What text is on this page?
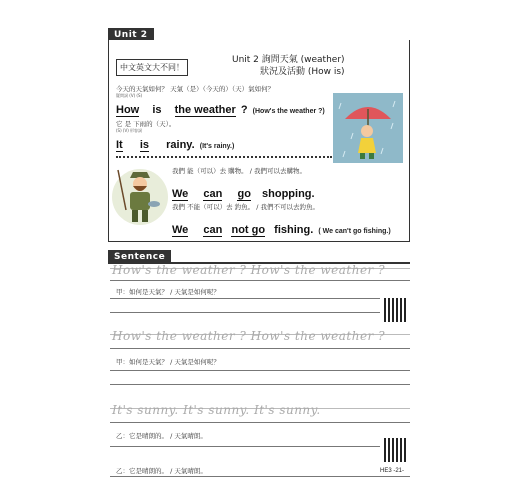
Unit 2
中文英文大不同！
Unit 2 詢問天氣 (weather)
狀況及活動 (How is)
今天的天氣如何？ 天氣（是）（今天的）（天）氣如何？
疑問詞 (V) (S)
How is the weather ? (How's the weather ?)
它 是 下雨的（天）。
(S) (V) 形容詞
It is rainy. (It's rainy.)
我們 能（可以）去 購物。 / 我們可以去購物。
We can go shopping.
我們 不能（可以）去 釣魚。 / 我們不可以去釣魚。
We can not go fishing. ( We can't go fishing.)
Sentence
How's the weather ? How's the weather ?
甲：如何是天氣？ / 天氣是如何呢？
How's the weather ? How's the weather ?
甲：如何是天氣？ / 天氣是如何呢？
It's sunny. It's sunny. It's sunny.
乙：它是晴朗的。 / 天氣晴朗。
乙：它是晴朗的。 / 天氣晴朗。	HE3 -21-
